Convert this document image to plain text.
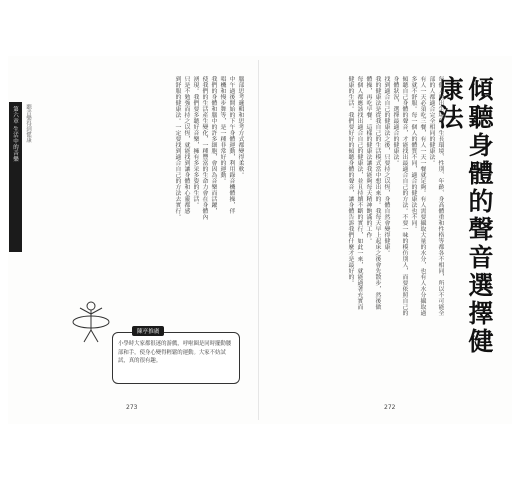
第六章 生活中的音樂	聽音樂得到健康	腦部思考邏輯和思考方式都變得柔軟。
中午過後開始的下午身體運動，利用錄音機體操，伴
唱機和慢步舞等，是一種非常好的運動。
我們的身體和腦中的許多細胞，會因為音樂而活躍，
使我們的生活產生變化，一種豐富的生命力會在身體內
湧現。我們要多聽好音樂，擁有多采多姿的生活。
只是不勉強而持之以恆，就能找到讓身體和心靈都感
到舒服的健康法。一定要找到適合自己的方法去實行。
陳亭推廣
小學時大家都很迷的游戲，呼啦圈是同時擺動腰部和手，使身心變得輕鬆的運動。大家不妨試試，真的很有趣。
273
傾聽身體的聲音選擇健康法
每個人的出生場所、生長環境、性別、年齡、身高體重和性格等都各不相同，所以不可能全
部的人都適合完全相同的健康法。
有人一天必須吃三餐，有人一天一餐就足夠。有人需要攝取大量的水分，也有人水分攝取過
多就不舒服。每一個人的體質不同，適合的健康法也不同。
傾聽自己身體的聲音，才能找出最適合自己的方法。不要一味的模仿別人，而要依照自己的
身體狀況，選擇最適合的健康法。
找到適合自己的健康法之後，只要持之以恆，身體自然會變得健康。
我的健康法是從我自己的生活模式當中想出來的。我每天早上起床之後會先散步，然後做
體操，再吃早餐。這樣的健康法讓我能夠每天精神飽滿的工作。
每個人都應該找出適合自己的健康法，並且持續不斷的實行，如此一來，就能過著充實而
健康的生活。我們要好好的傾聽身體的聲音，讓身體告訴我們什麼才是最好的。
272
